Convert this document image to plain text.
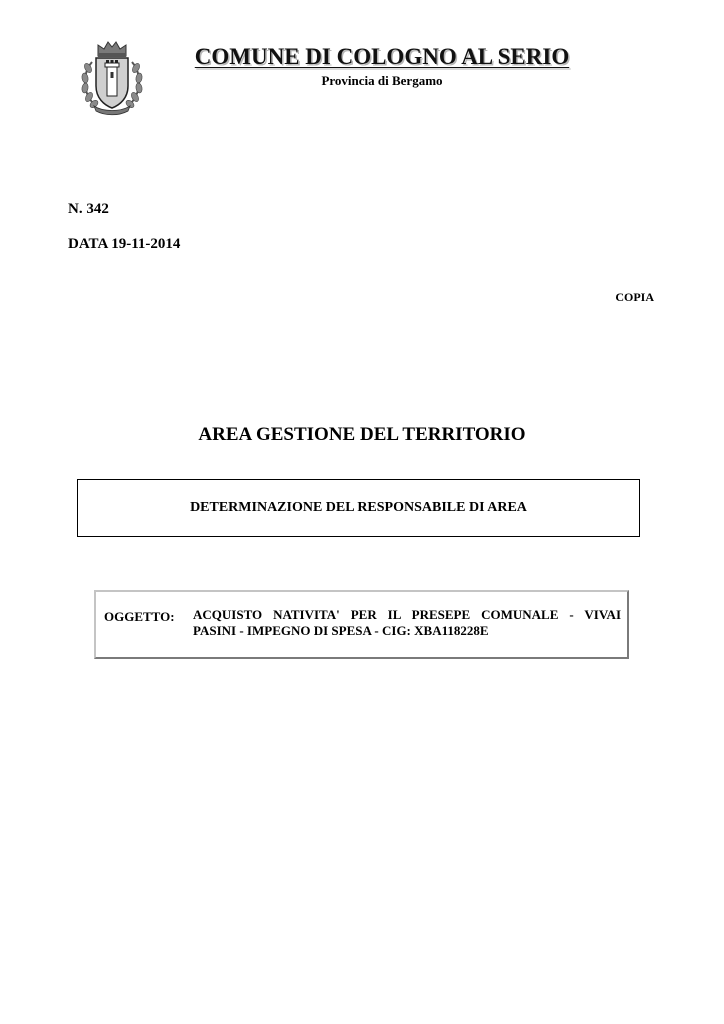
COMUNE DI COLOGNO AL SERIO
Provincia di Bergamo
N. 342
DATA 19-11-2014
COPIA
AREA GESTIONE DEL TERRITORIO
DETERMINAZIONE DEL RESPONSABILE DI AREA
OGGETTO: ACQUISTO NATIVITA' PER IL PRESEPE COMUNALE - VIVAI
PASINI - IMPEGNO DI SPESA - CIG: XBA118228E
